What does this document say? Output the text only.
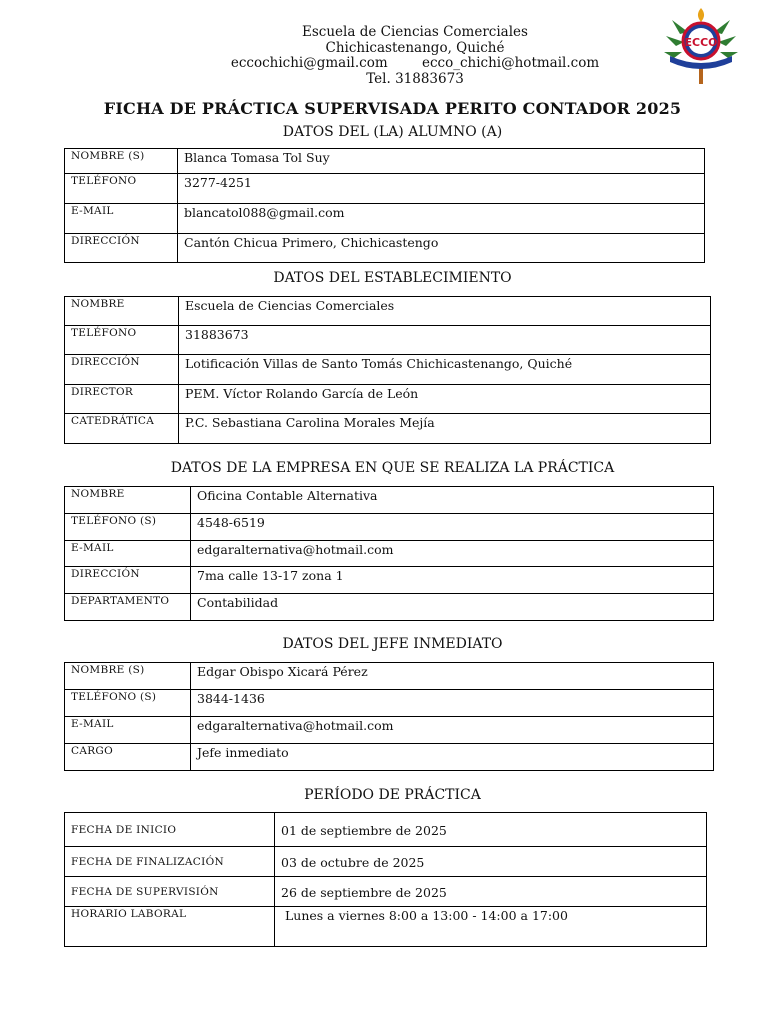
Escuela de Ciencias Comerciales
Chichicastenango, Quiché
ecco​chichi@gmail.com        ecco_chichi@hotmail.com
Tel. 31883673
ECCO
FICHA DE PRÁCTICA SUPERVISADA PERITO CONTADOR 2025
DATOS DEL (LA) ALUMNO (A)
NOMBRE (S)	Blanca Tomasa Tol Suy
TELÉFONO	3277-4251
E-MAIL	blancatol088@gmail.com
DIRECCIÓN	Cantón Chicua Primero, Chichicastengo
DATOS DEL ESTABLECIMIENTO
NOMBRE	Escuela de Ciencias Comerciales
TELÉFONO	31883673
DIRECCIÓN	Lotificación Villas de Santo Tomás Chichicastenango, Quiché
DIRECTOR	PEM. Víctor Rolando García de León
CATEDRÁTICA	P.C. Sebastiana Carolina Morales Mejía
DATOS DE LA EMPRESA EN QUE SE REALIZA LA PRÁCTICA
NOMBRE	Oficina Contable Alternativa
TELÉFONO (S)	4548-6519
E-MAIL	edgaralternativa@hotmail.com
DIRECCIÓN	7ma calle 13-17 zona 1
DEPARTAMENTO	Contabilidad
DATOS DEL JEFE INMEDIATO
NOMBRE (S)	Edgar Obispo Xicará Pérez
TELÉFONO (S)	3844-1436
E-MAIL	edgaralternativa@hotmail.com
CARGO	Jefe inmediato
PERÍODO DE PRÁCTICA
FECHA DE INICIO	01 de septiembre de 2025
FECHA DE FINALIZACIÓN	03 de octubre de 2025
FECHA DE SUPERVISIÓN	26 de septiembre de 2025
HORARIO LABORAL	Lunes a viernes 8:00 a 13:00 - 14:00 a 17:00
